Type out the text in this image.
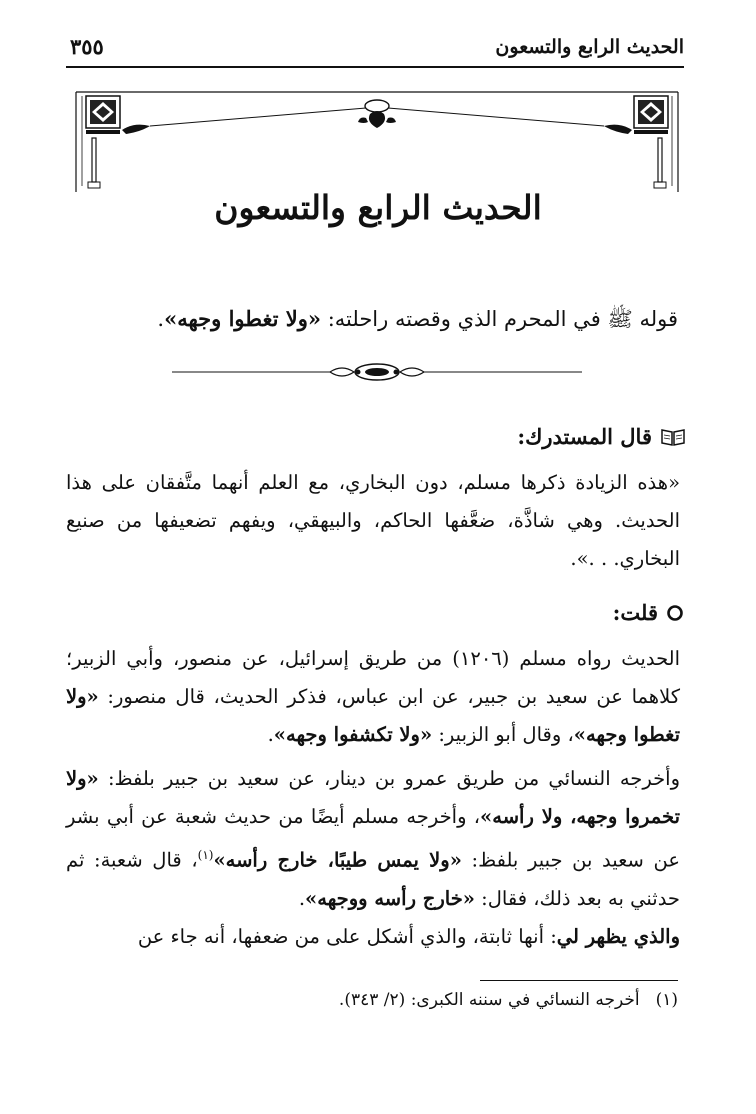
الحديث الرابع والتسعون
٣٥٥
الحديث الرابع والتسعون
قوله ﷺ في المحرم الذي وقصته راحلته: «ولا تغطوا وجهه».
قال المستدرك:
«هذه الزيادة ذكرها مسلم، دون البخاري، مع العلم أنهما متَّفقان على هذا الحديث. وهي شاذَّة، ضعَّفها الحاكم، والبيهقي، ويفهم تضعيفها من صنيع البخاري. . .».
قلت:
الحديث رواه مسلم (١٢٠٦) من طريق إسرائيل، عن منصور، وأبي الزبير؛ كلاهما عن سعيد بن جبير، عن ابن عباس، فذكر الحديث، قال منصور: «ولا تغطوا وجهه»، وقال أبو الزبير: «ولا تكشفوا وجهه».
وأخرجه النسائي من طريق عمرو بن دينار، عن سعيد بن جبير بلفظ: «ولا تخمروا وجهه، ولا رأسه»، وأخرجه مسلم أيضًا من حديث شعبة عن أبي بشر عن سعيد بن جبير بلفظ: «ولا يمس طيبًا، خارج رأسه»$^{(١)}$، قال شعبة: ثم حدثني به بعد ذلك، فقال: «خارج رأسه ووجهه».
والذي يظهر لي: أنها ثابتة، والذي أشكل على من ضعفها، أنه جاء عن
(١)
أخرجه النسائي في سننه الكبرى: (٢/ ٣٤٣).
